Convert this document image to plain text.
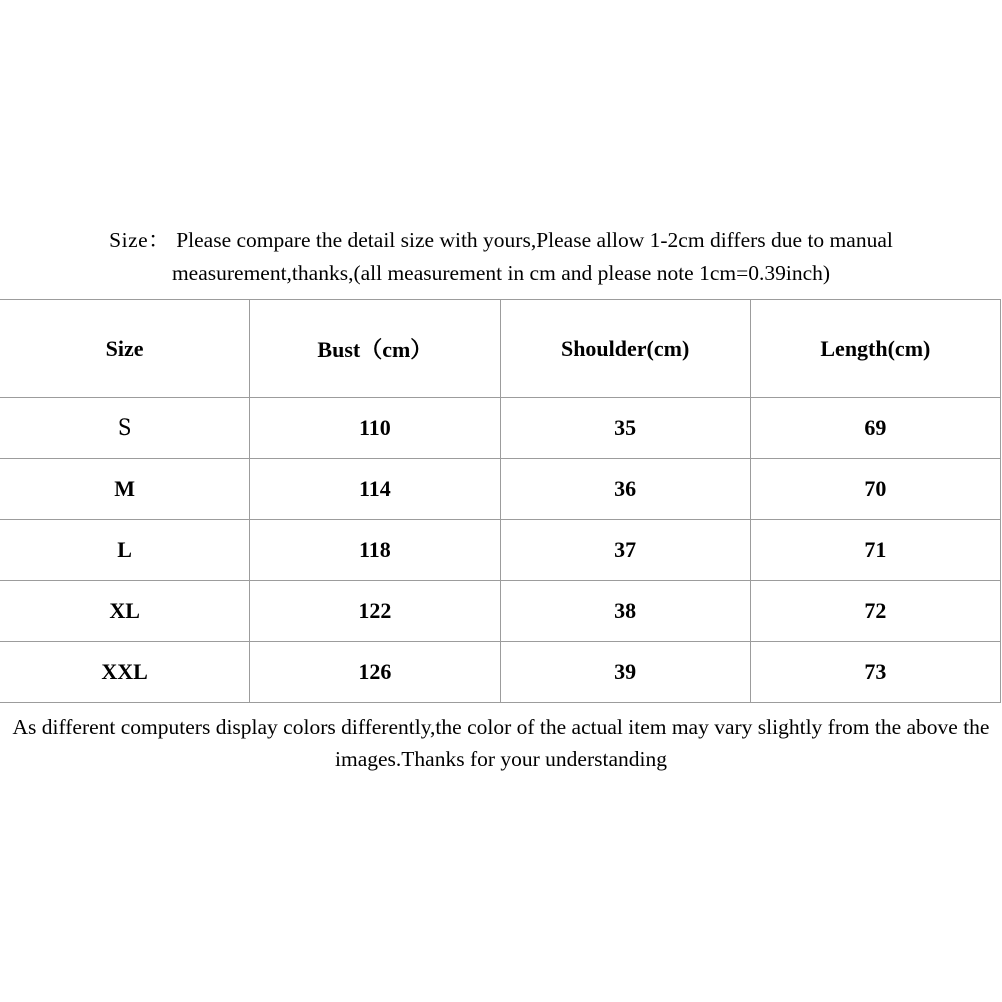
Size： Please compare the detail size with yours,Please allow 1-2cm differs due to manual measurement,thanks,(all measurement in cm and please note 1cm=0.39inch)

Size	Bust（cm）	Shoulder(cm)	Length(cm)
S	110	35	69
M	114	36	70
L	118	37	71
XL	122	38	72
XXL	126	39	73

As different computers display colors differently,the color of the actual item may vary slightly from the above the images.Thanks for your understanding
